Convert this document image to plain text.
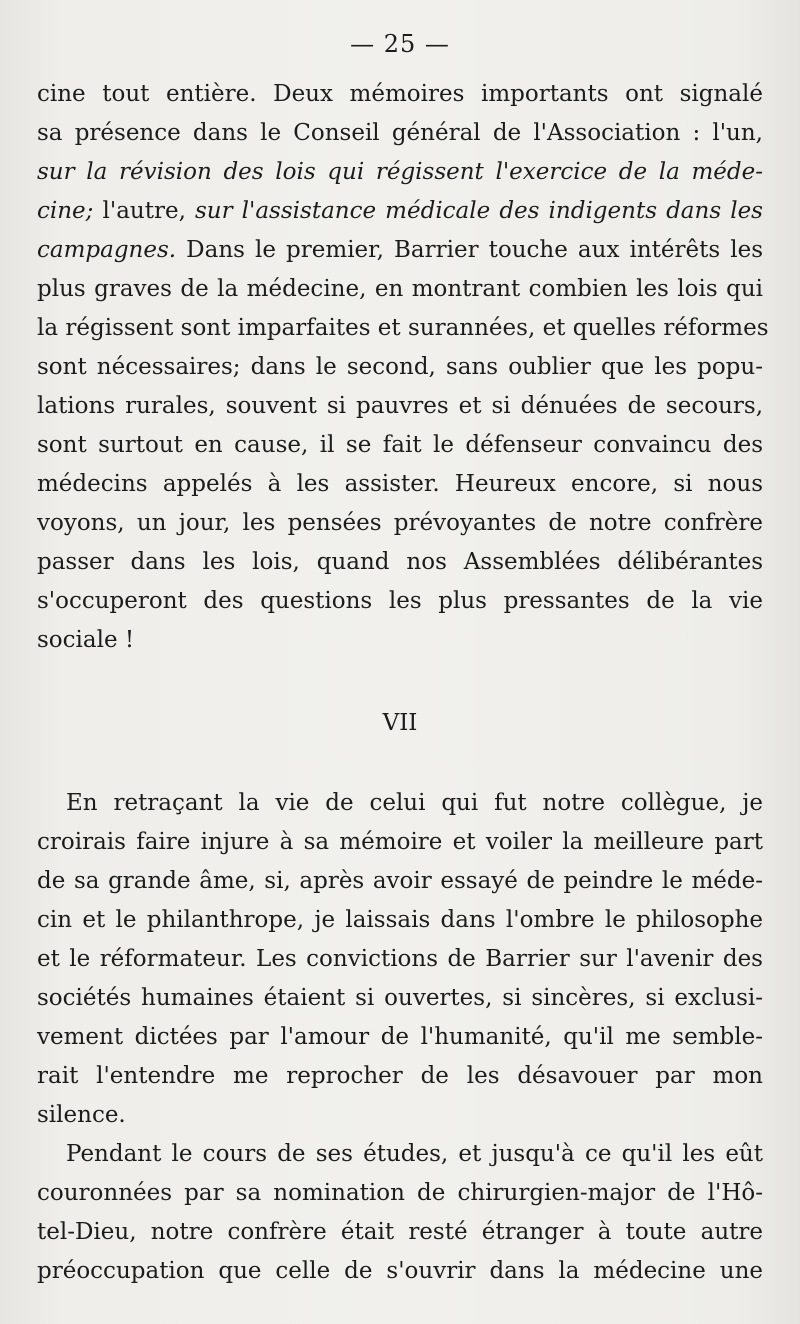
— 25 —
cine tout entière. Deux mémoires importants ont signalé
sa présence dans le Conseil général de l'Association : l'un,
sur la révision des lois qui régissent l'exercice de la méde-
cine; l'autre, sur l'assistance médicale des indigents dans les
campagnes. Dans le premier, Barrier touche aux intérêts les
plus graves de la médecine, en montrant combien les lois qui
la régissent sont imparfaites et surannées, et quelles réformes
sont nécessaires; dans le second, sans oublier que les popu-
lations rurales, souvent si pauvres et si dénuées de secours,
sont surtout en cause, il se fait le défenseur convaincu des
médecins appelés à les assister. Heureux encore, si nous
voyons, un jour, les pensées prévoyantes de notre confrère
passer dans les lois, quand nos Assemblées délibérantes
s'occuperont des questions les plus pressantes de la vie
sociale !
VII
En retraçant la vie de celui qui fut notre collègue, je
croirais faire injure à sa mémoire et voiler la meilleure part
de sa grande âme, si, après avoir essayé de peindre le méde-
cin et le philanthrope, je laissais dans l'ombre le philosophe
et le réformateur. Les convictions de Barrier sur l'avenir des
sociétés humaines étaient si ouvertes, si sincères, si exclusi-
vement dictées par l'amour de l'humanité, qu'il me semble-
rait l'entendre me reprocher de les désavouer par mon
silence.
Pendant le cours de ses études, et jusqu'à ce qu'il les eût
couronnées par sa nomination de chirurgien-major de l'Hô-
tel-Dieu, notre confrère était resté étranger à toute autre
préoccupation que celle de s'ouvrir dans la médecine une
